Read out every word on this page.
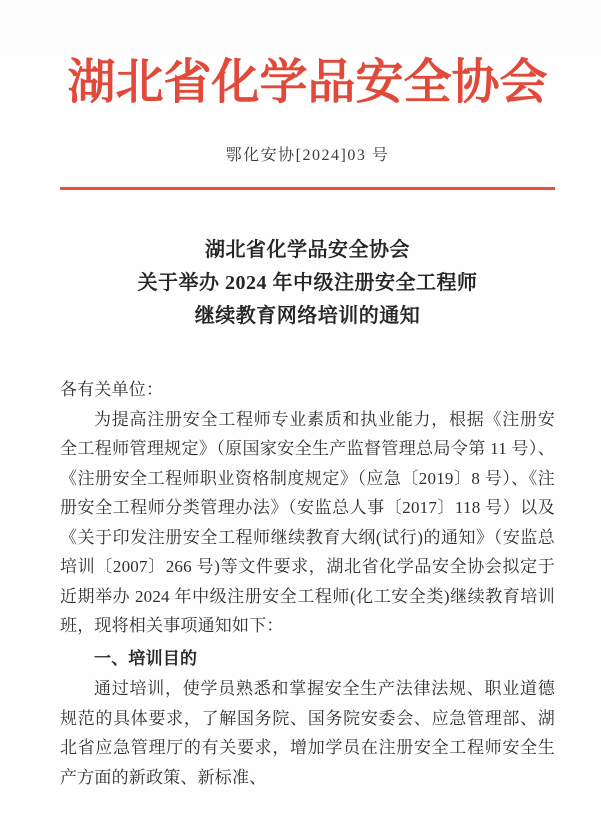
湖北省化学品安全协会
鄂化安协[2024]03 号
湖北省化学品安全协会
关于举办 2024 年中级注册安全工程师
继续教育网络培训的通知

各有关单位：

为提高注册安全工程师专业素质和执业能力，根据《注册安全工程师管理规定》（原国家安全生产监督管理总局令第 11 号）、《注册安全工程师职业资格制度规定》（应急〔2019〕8 号）、《注册安全工程师分类管理办法》（安监总人事〔2017〕118 号）以及《关于印发注册安全工程师继续教育大纲(试行)的通知》（安监总培训〔2007〕266 号)等文件要求，湖北省化学品安全协会拟定于近期举办 2024 年中级注册安全工程师(化工安全类)继续教育培训班，现将相关事项通知如下：

一、培训目的

通过培训，使学员熟悉和掌握安全生产法律法规、职业道德规范的具体要求，了解国务院、国务院安委会、应急管理部、湖北省应急管理厅的有关要求，增加学员在注册安全工程师安全生产方面的新政策、新标准、
